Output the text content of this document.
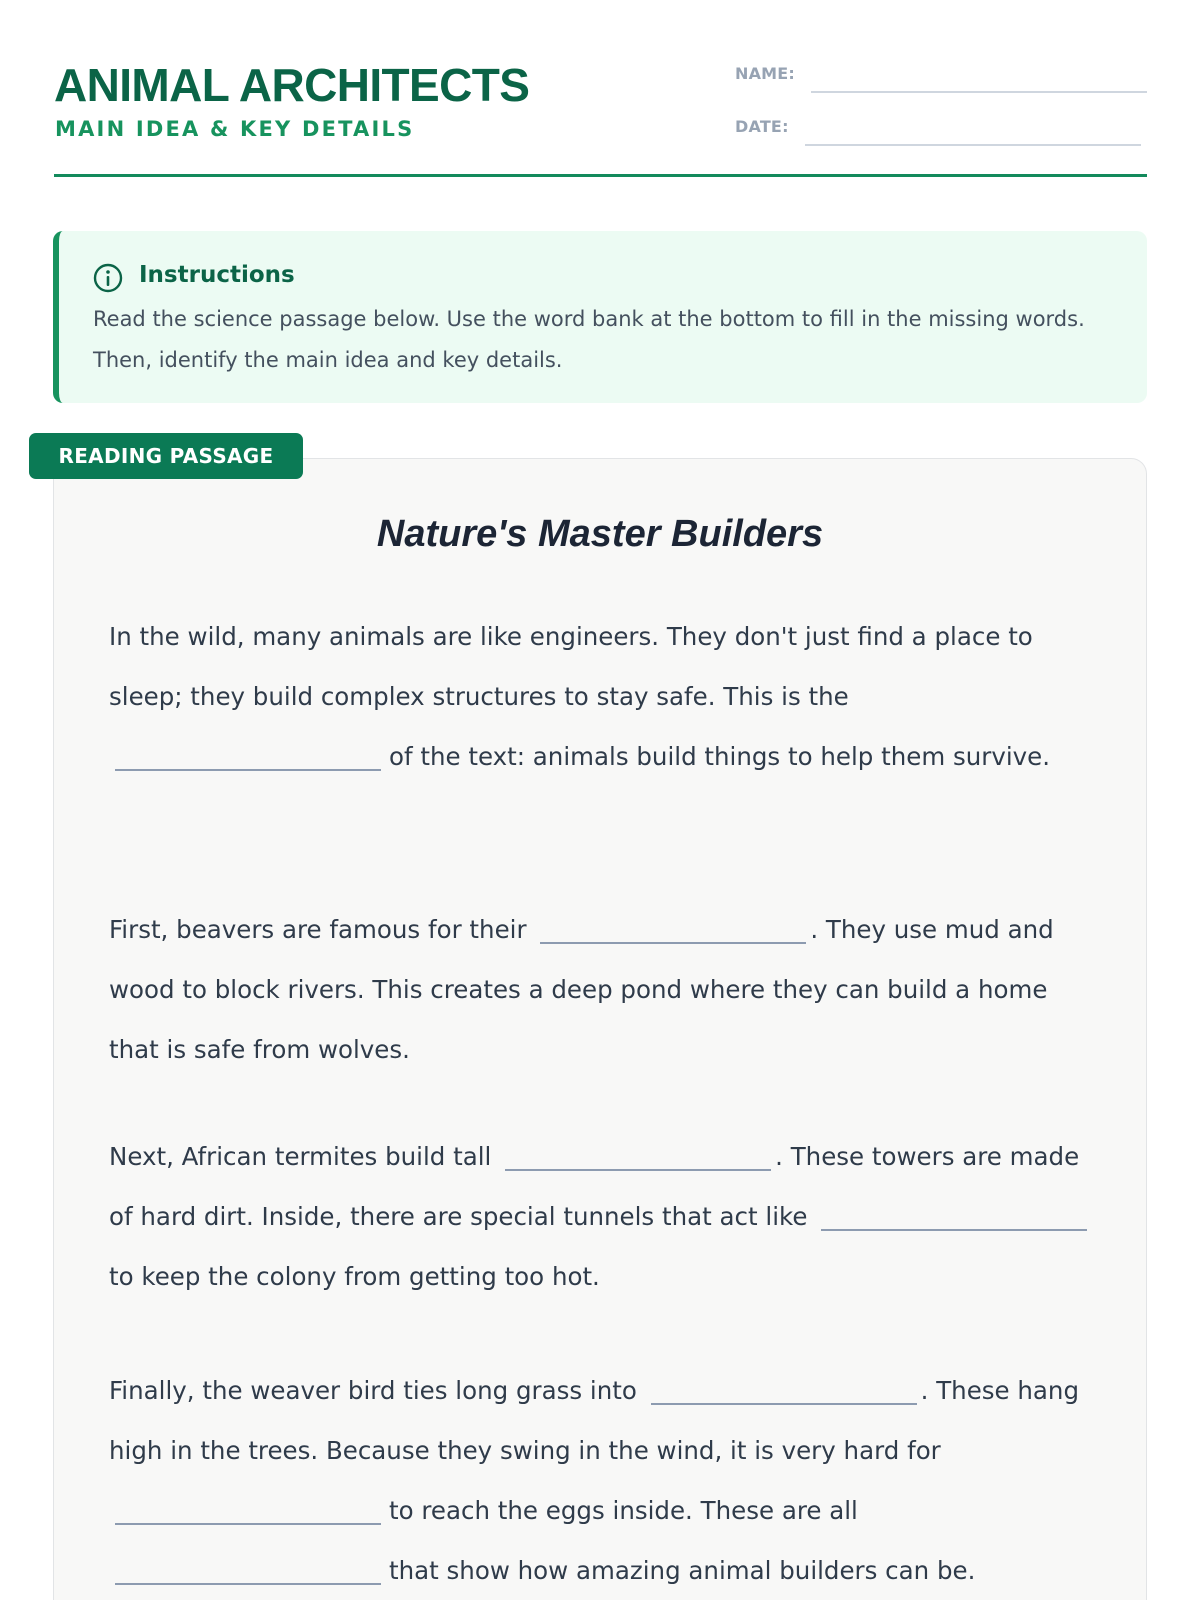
ANIMAL ARCHITECTS
MAIN IDEA & KEY DETAILS
NAME:
DATE:
Instructions
Read the science passage below. Use the word bank at the bottom to fill in the missing words. Then, identify the main idea and key details.
READING PASSAGE
Nature's Master Builders

In the wild, many animals are like engineers. They don't just find a place to sleep; they build complex structures to stay safe. This is the of the text: animals build things to help them survive.

First, beavers are famous for their	. They use mud and wood to block rivers. This creates a deep pond where they can build a home that is safe from wolves.

Next, African termites build tall	. These towers are made of hard dirt. Inside, there are special tunnels that act like to keep the colony from getting too hot.

Finally, the weaver bird ties long grass into	. These hang high in the trees. Because they swing in the wind, it is very hard for to reach the eggs inside. These are all that show how amazing animal builders can be.
